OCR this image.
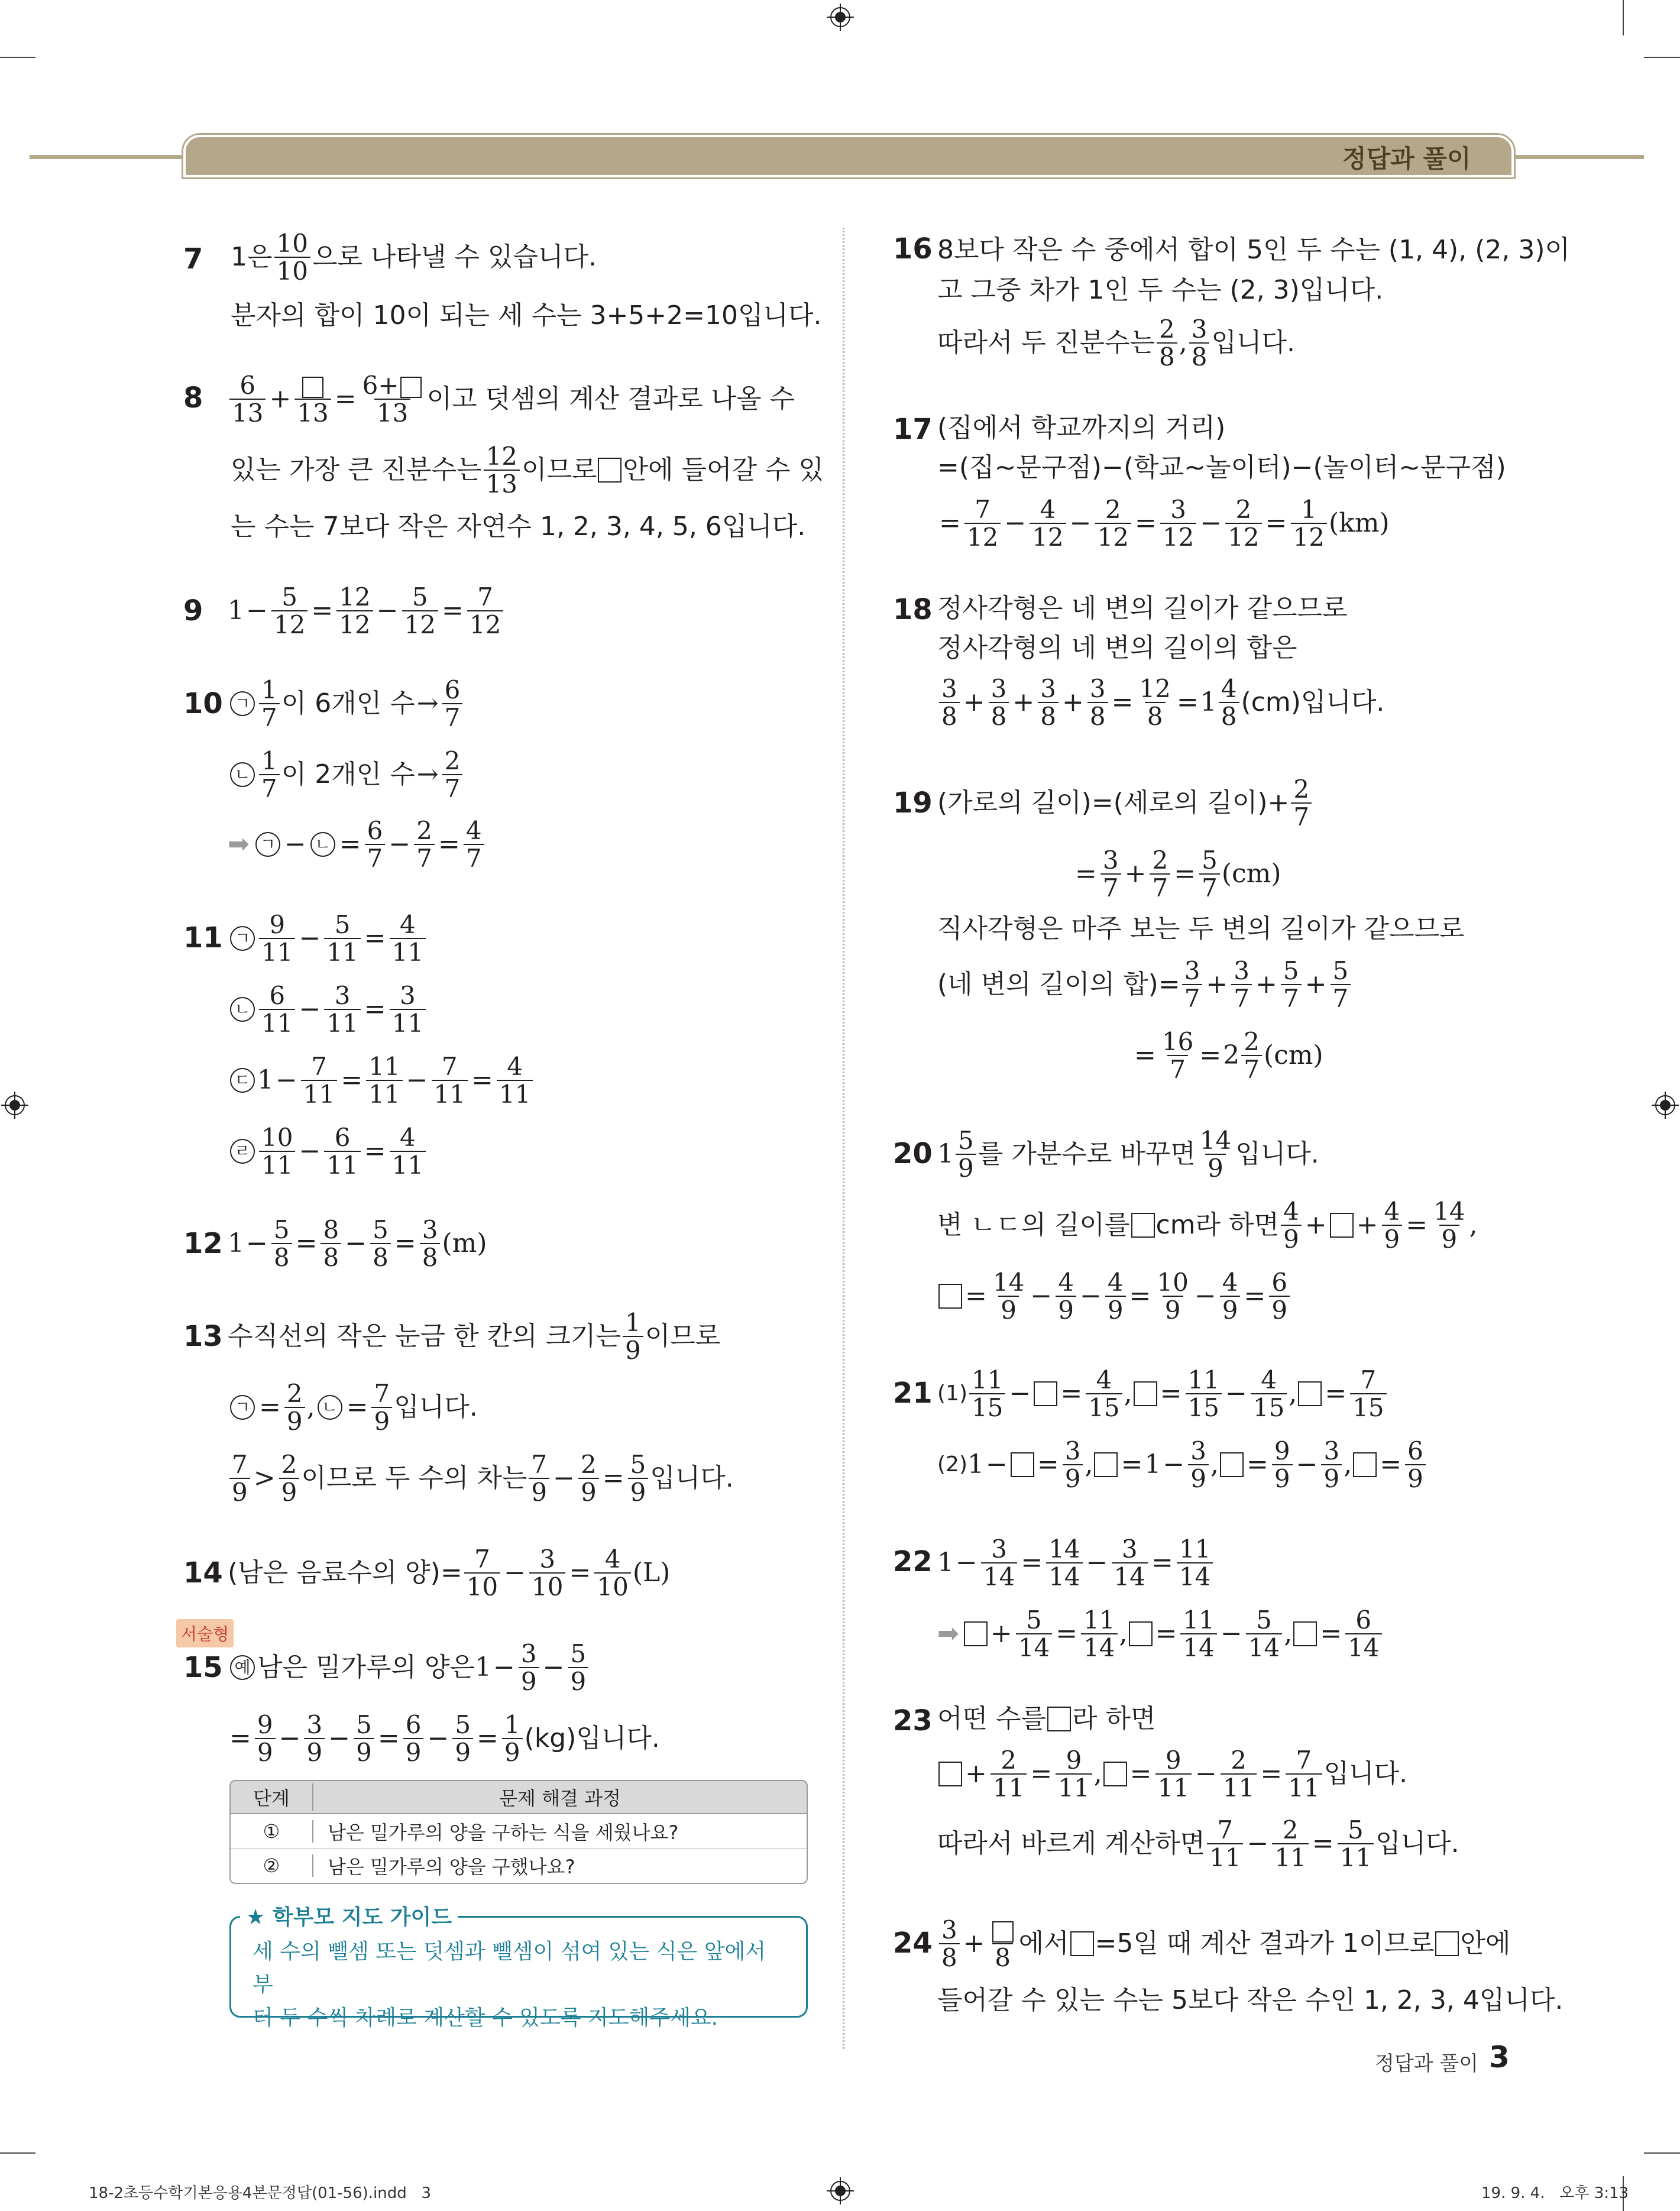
정답과 풀이
7 1은 $\frac{10}{10}$ 으로 나타낼 수 있습니다.
분자의 합이 10이 되는 세 수는 3+5+2=10입니다.
$8 \frac{6}{13} + 13 = \frac{6+}{13}$ 이고 덧셈의 계산 결과로 나올 수
있는 가장 큰 진분수는 $\frac{12}{13}$ 이므로 안에 들어갈 수 있
는 수는 7보다 작은 자연수 1, 2, 3, 4, 5, 6입니다.
9 $1 - \frac{5}{12} = \frac{12}{12} - \frac{5}{12} = \frac{7}{12}$
10 ㄱ $\frac{1}{7}$ 이 6개인 수 → $\frac{6}{7}$
ㄴ $\frac{1}{7}$ 이 2개인 수 → $\frac{2}{7}$
➡ ㄱ − ㄴ = $\frac{6}{7} - \frac{2}{7} = \frac{4}{7}$
11 ㄱ $\frac{9}{11} - \frac{5}{11} = \frac{4}{11}$
ㄴ $\frac{6}{11} - \frac{3}{11} = \frac{3}{11}$
ㄷ $1 - \frac{7}{11} = \frac{11}{11} - \frac{7}{11} = \frac{4}{11}$
ㄹ $\frac{10}{11} - \frac{6}{11} = \frac{4}{11}$
12 $1 - \frac{5}{8} = \frac{8}{8} - \frac{5}{8} = \frac{3}{8} (m)$
13 수직선의 작은 눈금 한 칸의 크기는 $\frac{1}{9}$ 이므로
ㄱ = $\frac{2}{9}$ , ㄴ = $\frac{7}{9}$ 입니다.
$\frac{7}{9} > \frac{2}{9}$ 이므로 두 수의 차는 $\frac{7}{9} - \frac{2}{9} = \frac{5}{9}$ 입니다.
14 (남은 음료수의 양)= $\frac{7}{10} - \frac{3}{10} = \frac{4}{10} (L)$
서술형
15 예 남은 밀가루의 양은 $1 - \frac{3}{9} - \frac{5}{9}$
= $\frac{9}{9} - \frac{3}{9} - \frac{5}{9} = \frac{6}{9} - \frac{5}{9} = \frac{1}{9} (kg)$입니다.
단계	문제 해결 과정
①	남은 밀가루의 양을 구하는 식을 세웠나요?
②	남은 밀가루의 양을 구했나요?
세 수의 뺄셈 또는 덧셈과 뺄셈이 섞여 있는 식은 앞에서부
터 두 수씩 차례로 계산할 수 있도록 지도해주세요.
★ 학부모 지도 가이드
16 8보다 작은 수 중에서 합이 5인 두 수는 (1, 4), (2, 3)이
고 그중 차가 1인 두 수는 (2, 3)입니다.
따라서 두 진분수는 $\frac{2}{8}$ , $\frac{3}{8}$ 입니다.
17 (집에서 학교까지의 거리)
=(집~문구점)−(학교~놀이터)−(놀이터~문구점)
= $\frac{7}{12} - \frac{4}{12} - \frac{2}{12} = \frac{3}{12} - \frac{2}{12} = \frac{1}{12} (km)$
18 정사각형은 네 변의 길이가 같으므로
정사각형의 네 변의 길이의 합은
$\frac{3}{8} + \frac{3}{8} + \frac{3}{8} + \frac{3}{8} = \frac{12}{8} = 1 \frac{4}{8} (cm)$입니다.
19 (가로의 길이)=(세로의 길이)+ $\frac{2}{7}$
= $\frac{3}{7} + \frac{2}{7} = \frac{5}{7} (cm)$
직사각형은 마주 보는 두 변의 길이가 같으므로
(네 변의 길이의 합)= $\frac{3}{7} + \frac{3}{7} + \frac{5}{7} + \frac{5}{7}$
= $\frac{16}{7} = 2 \frac{2}{7} (cm)$
20 $1 \frac{5}{9}$ 를 가분수로 바꾸면 $\frac{14}{9}$ 입니다.
변 ㄴㄷ의 길이를 cm라 하면 $\frac{4}{9}$ + + $\frac{4}{9} = \frac{14}{9}$ ,
= $\frac{14}{9} - \frac{4}{9} - \frac{4}{9} = \frac{10}{9} - \frac{4}{9} = \frac{6}{9}$
21 $(1) \frac{11}{15}$ − = $\frac{4}{15}$ , = $\frac{11}{15} - \frac{4}{15}$ , = $\frac{7}{15}$
(2) 1 − = $\frac{3}{9}$ , = $1 - \frac{3}{9}$ , = $\frac{9}{9} - \frac{3}{9}$ , = $\frac{6}{9}$
22 $1 - \frac{3}{14} = \frac{14}{14} - \frac{3}{14} = \frac{11}{14}$
➡ + $\frac{5}{14} = \frac{11}{14}$ , = $\frac{11}{14} - \frac{5}{14}$ , = $\frac{6}{14}$
23 어떤 수를 라 하면
+ $\frac{2}{11} = \frac{9}{11}$ , = $\frac{9}{11} - \frac{2}{11} = \frac{7}{11}$ 입니다.
따라서 바르게 계산하면 $\frac{7}{11} - \frac{2}{11} = \frac{5}{11}$ 입니다.
$24 \frac{3}{8} + 8$ 에서 =5일 때 계산 결과가 1이므로 안에
들어갈 수 있는 수는 5보다 작은 수인 1, 2, 3, 4입니다.
정답과 풀이 3
18-2초등수학기본응용4본문정답(01-56).indd   3	19. 9. 4.   오후 3:13
